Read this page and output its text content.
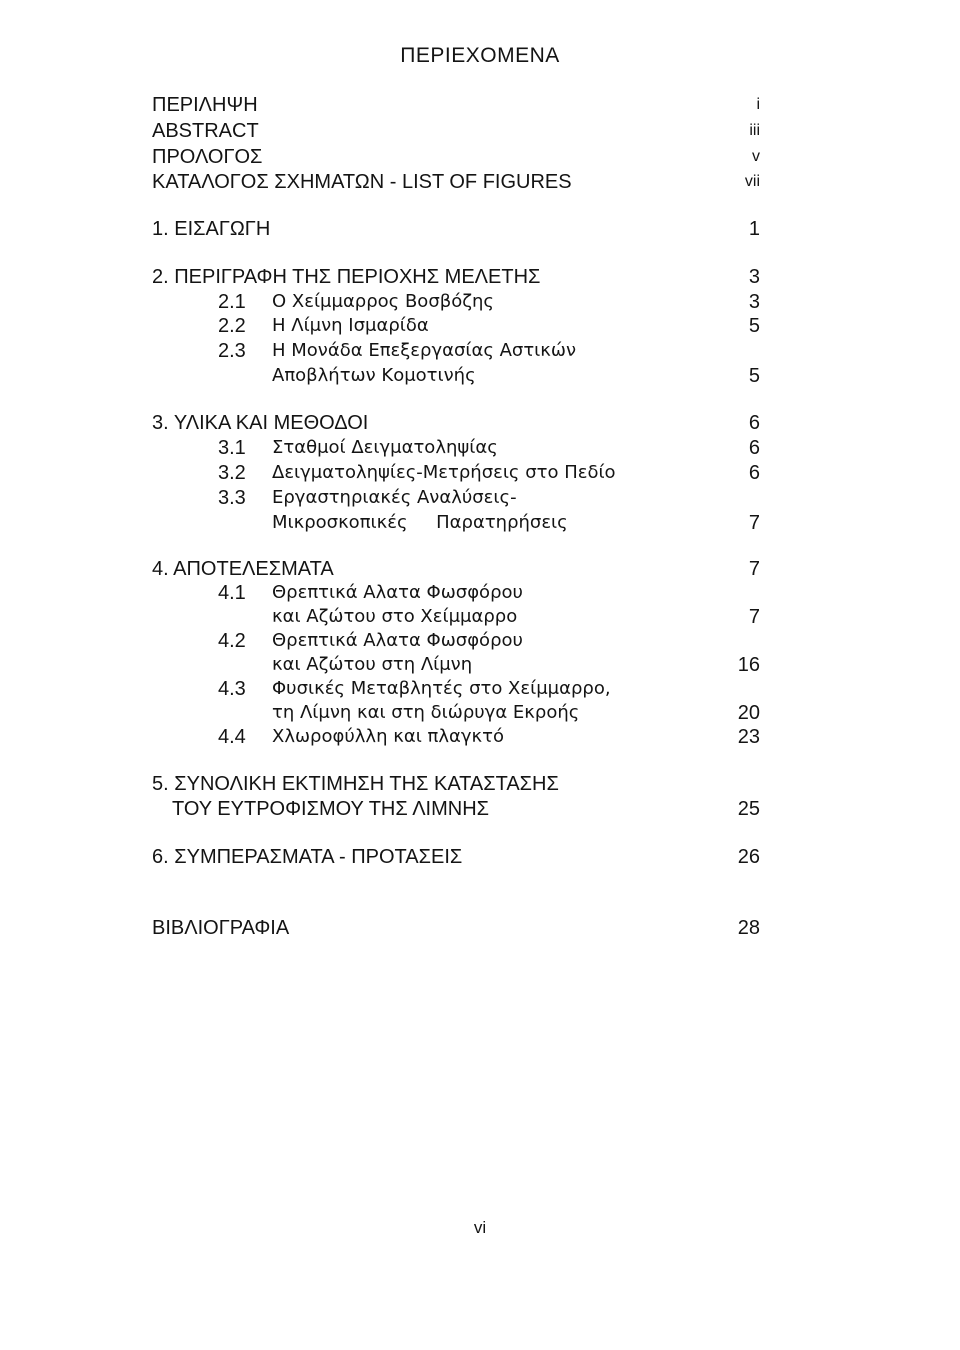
ΠΕΡΙΕΧΟΜΕΝΑ
ΠΕΡΙΛΗΨΗ	i
ABSTRACT	iii
ΠΡΟΛΟΓΟΣ	v
ΚΑΤΑΛΟΓΟΣ ΣΧΗΜΑΤΩΝ - LIST OF FIGURES	vii
1. ΕΙΣΑΓΩΓΗ	1
2. ΠΕΡΙΓΡΑΦΗ ΤΗΣ ΠΕΡΙΟΧΗΣ ΜΕΛΕΤΗΣ	3
2.1 Ο Χείμμαρρος Βοσβόζης	3
2.2 Η Λίμνη Ισμαρίδα	5
2.3 Η Μονάδα Επεξεργασίας Αστικών
Αποβλήτων Κομοτινής	5
3. ΥΛΙΚΑ ΚΑΙ ΜΕΘΟΔΟΙ	6
3.1 Σταθμοί Δειγματοληψίας	6
3.2 Δειγματοληψίες-Μετρήσεις στο Πεδίο	6
3.3 Εργαστηριακές Αναλύσεις-
Μικροσκοπικές     Παρατηρήσεις	7
4. ΑΠΟΤΕΛΕΣΜΑΤΑ	7
4.1 Θρεπτικά Αλατα Φωσφόρου
και Αζώτου στο Χείμμαρρο	7
4.2 Θρεπτικά Αλατα Φωσφόρου
και Αζώτου στη Λίμνη	16
4.3 Φυσικές Μεταβλητές στο Χείμμαρρο,
τη Λίμνη και στη διώρυγα Εκροής	20
4.4 Χλωροφύλλη και πλαγκτό	23
5. ΣΥΝΟΛΙΚΗ ΕΚΤΙΜΗΣΗ ΤΗΣ ΚΑΤΑΣΤΑΣΗΣ
ΤΟΥ ΕΥΤΡΟΦΙΣΜΟΥ ΤΗΣ ΛΙΜΝΗΣ	25
6. ΣΥΜΠΕΡΑΣΜΑΤΑ - ΠΡΟΤΑΣΕΙΣ	26
ΒΙΒΛΙΟΓΡΑΦΙΑ	28
vi
